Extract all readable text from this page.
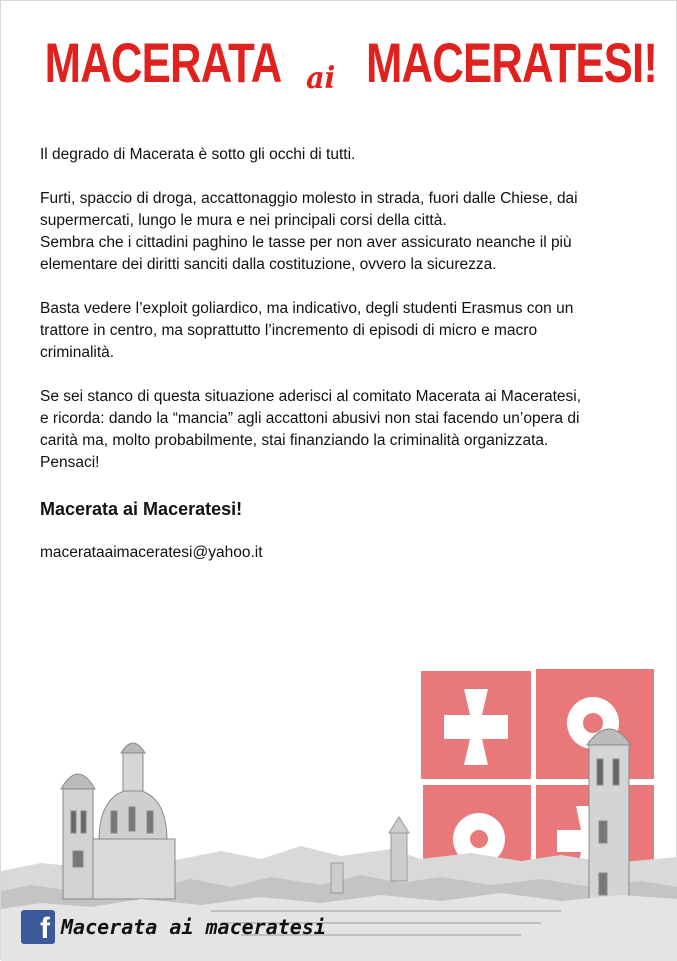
MACERATA ai MACERATESI!

Il degrado di Macerata è sotto gli occhi di tutti.

Furti, spaccio di droga, accattonaggio molesto in strada, fuori dalle Chiese, dai
supermercati, lungo le mura e nei principali corsi della città.

Sembra che i cittadini paghino le tasse per non aver assicurato neanche il più
elementare dei diritti sanciti dalla costituzione, ovvero la sicurezza.

Basta vedere l’exploit goliardico, ma indicativo, degli studenti Erasmus con un
trattore in centro, ma soprattutto l’incremento di episodi di micro e macro
criminalità.

Se sei stanco di questa situazione aderisci al comitato Macerata ai Maceratesi,
e ricorda: dando la “mancia” agli accattoni abusivi non stai facendo un’opera di
carità ma, molto probabilmente, stai finanziando la criminalità organizzata.
Pensaci!

Macerata ai Maceratesi!

macerataaimaceratesi@yahoo.it

f Macerata ai maceratesi
